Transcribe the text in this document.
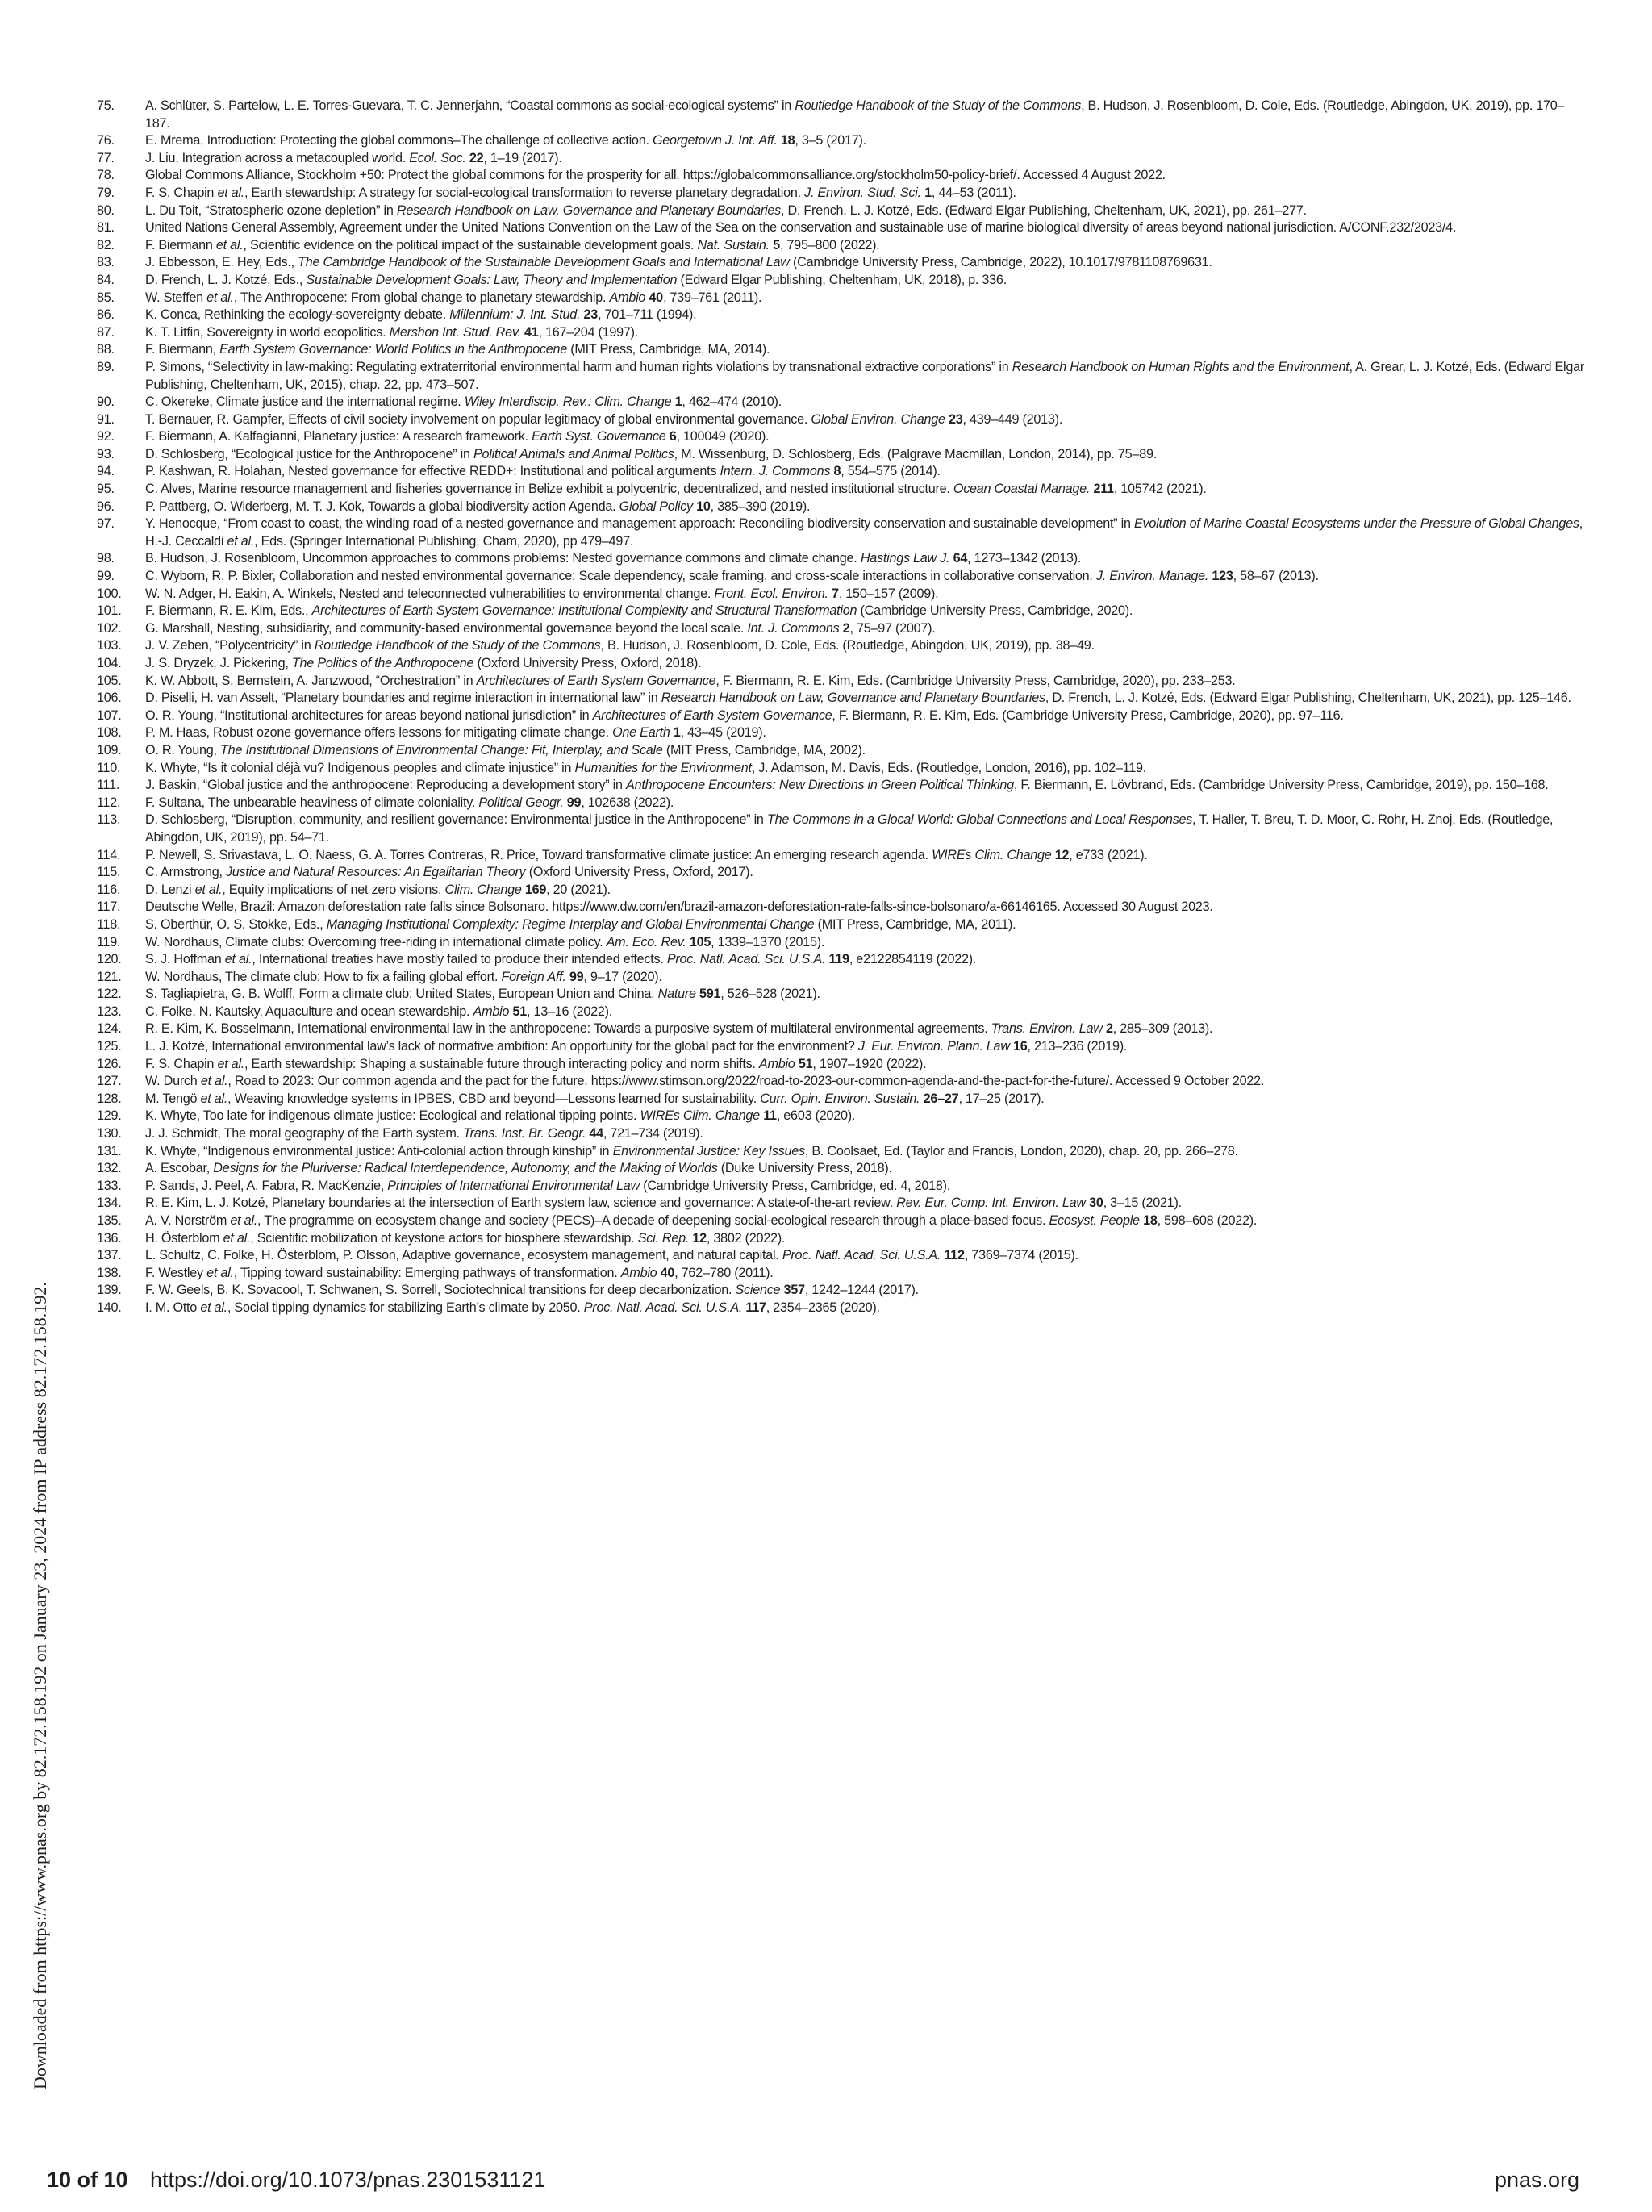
75. A. Schlüter, S. Partelow, L. E. Torres-Guevara, T. C. Jennerjahn, “Coastal commons as social-ecological systems” in Routledge Handbook of the Study of the Commons, B. Hudson, J. Rosenbloom, D. Cole, Eds. (Routledge, Abingdon, UK, 2019), pp. 170–187.
76. E. Mrema, Introduction: Protecting the global commons–The challenge of collective action. Georgetown J. Int. Aff. 18, 3–5 (2017).
77. J. Liu, Integration across a metacoupled world. Ecol. Soc. 22, 1–19 (2017).
78. Global Commons Alliance, Stockholm +50: Protect the global commons for the prosperity for all. https://globalcommonsalliance.org/stockholm50-policy-brief/. Accessed 4 August 2022.
79. F. S. Chapin et al., Earth stewardship: A strategy for social-ecological transformation to reverse planetary degradation. J. Environ. Stud. Sci. 1, 44–53 (2011).
80. L. Du Toit, “Stratospheric ozone depletion” in Research Handbook on Law, Governance and Planetary Boundaries, D. French, L. J. Kotzé, Eds. (Edward Elgar Publishing, Cheltenham, UK, 2021), pp. 261–277.
81. United Nations General Assembly, Agreement under the United Nations Convention on the Law of the Sea on the conservation and sustainable use of marine biological diversity of areas beyond national jurisdiction. A/CONF.232/2023/4.
82. F. Biermann et al., Scientific evidence on the political impact of the sustainable development goals. Nat. Sustain. 5, 795–800 (2022).
83. J. Ebbesson, E. Hey, Eds., The Cambridge Handbook of the Sustainable Development Goals and International Law (Cambridge University Press, Cambridge, 2022), 10.1017/9781108769631.
84. D. French, L. J. Kotzé, Eds., Sustainable Development Goals: Law, Theory and Implementation (Edward Elgar Publishing, Cheltenham, UK, 2018), p. 336.
85. W. Steffen et al., The Anthropocene: From global change to planetary stewardship. Ambio 40, 739–761 (2011).
86. K. Conca, Rethinking the ecology-sovereignty debate. Millennium: J. Int. Stud. 23, 701–711 (1994).
87. K. T. Litfin, Sovereignty in world ecopolitics. Mershon Int. Stud. Rev. 41, 167–204 (1997).
88. F. Biermann, Earth System Governance: World Politics in the Anthropocene (MIT Press, Cambridge, MA, 2014).
89. P. Simons, “Selectivity in law-making: Regulating extraterritorial environmental harm and human rights violations by transnational extractive corporations” in Research Handbook on Human Rights and the Environment, A. Grear, L. J. Kotzé, Eds. (Edward Elgar Publishing, Cheltenham, UK, 2015), chap. 22, pp. 473–507.
90. C. Okereke, Climate justice and the international regime. Wiley Interdiscip. Rev.: Clim. Change 1, 462–474 (2010).
91. T. Bernauer, R. Gampfer, Effects of civil society involvement on popular legitimacy of global environmental governance. Global Environ. Change 23, 439–449 (2013).
92. F. Biermann, A. Kalfagianni, Planetary justice: A research framework. Earth Syst. Governance 6, 100049 (2020).
93. D. Schlosberg, “Ecological justice for the Anthropocene” in Political Animals and Animal Politics, M. Wissenburg, D. Schlosberg, Eds. (Palgrave Macmillan, London, 2014), pp. 75–89.
94. P. Kashwan, R. Holahan, Nested governance for effective REDD+: Institutional and political arguments Intern. J. Commons 8, 554–575 (2014).
95. C. Alves, Marine resource management and fisheries governance in Belize exhibit a polycentric, decentralized, and nested institutional structure. Ocean Coastal Manage. 211, 105742 (2021).
96. P. Pattberg, O. Widerberg, M. T. J. Kok, Towards a global biodiversity action Agenda. Global Policy 10, 385–390 (2019).
97. Y. Henocque, “From coast to coast, the winding road of a nested governance and management approach: Reconciling biodiversity conservation and sustainable development” in Evolution of Marine Coastal Ecosystems under the Pressure of Global Changes, H.-J. Ceccaldi et al., Eds. (Springer International Publishing, Cham, 2020), pp 479–497.
98. B. Hudson, J. Rosenbloom, Uncommon approaches to commons problems: Nested governance commons and climate change. Hastings Law J. 64, 1273–1342 (2013).
99. C. Wyborn, R. P. Bixler, Collaboration and nested environmental governance: Scale dependency, scale framing, and cross-scale interactions in collaborative conservation. J. Environ. Manage. 123, 58–67 (2013).
100. W. N. Adger, H. Eakin, A. Winkels, Nested and teleconnected vulnerabilities to environmental change. Front. Ecol. Environ. 7, 150–157 (2009).
101. F. Biermann, R. E. Kim, Eds., Architectures of Earth System Governance: Institutional Complexity and Structural Transformation (Cambridge University Press, Cambridge, 2020).
102. G. Marshall, Nesting, subsidiarity, and community-based environmental governance beyond the local scale. Int. J. Commons 2, 75–97 (2007).
103. J. V. Zeben, “Polycentricity” in Routledge Handbook of the Study of the Commons, B. Hudson, J. Rosenbloom, D. Cole, Eds. (Routledge, Abingdon, UK, 2019), pp. 38–49.
104. J. S. Dryzek, J. Pickering, The Politics of the Anthropocene (Oxford University Press, Oxford, 2018).
105. K. W. Abbott, S. Bernstein, A. Janzwood, “Orchestration” in Architectures of Earth System Governance, F. Biermann, R. E. Kim, Eds. (Cambridge University Press, Cambridge, 2020), pp. 233–253.
106. D. Piselli, H. van Asselt, “Planetary boundaries and regime interaction in international law” in Research Handbook on Law, Governance and Planetary Boundaries, D. French, L. J. Kotzé, Eds. (Edward Elgar Publishing, Cheltenham, UK, 2021), pp. 125–146.
107. O. R. Young, “Institutional architectures for areas beyond national jurisdiction” in Architectures of Earth System Governance, F. Biermann, R. E. Kim, Eds. (Cambridge University Press, Cambridge, 2020), pp. 97–116.
108. P. M. Haas, Robust ozone governance offers lessons for mitigating climate change. One Earth 1, 43–45 (2019).
109. O. R. Young, The Institutional Dimensions of Environmental Change: Fit, Interplay, and Scale (MIT Press, Cambridge, MA, 2002).
110. K. Whyte, “Is it colonial déjà vu? Indigenous peoples and climate injustice” in Humanities for the Environment, J. Adamson, M. Davis, Eds. (Routledge, London, 2016), pp. 102–119.
111. J. Baskin, “Global justice and the anthropocene: Reproducing a development story” in Anthropocene Encounters: New Directions in Green Political Thinking, F. Biermann, E. Lövbrand, Eds. (Cambridge University Press, Cambridge, 2019), pp. 150–168.
112. F. Sultana, The unbearable heaviness of climate coloniality. Political Geogr. 99, 102638 (2022).
113. D. Schlosberg, “Disruption, community, and resilient governance: Environmental justice in the Anthropocene” in The Commons in a Glocal World: Global Connections and Local Responses, T. Haller, T. Breu, T. D. Moor, C. Rohr, H. Znoj, Eds. (Routledge, Abingdon, UK, 2019), pp. 54–71.
114. P. Newell, S. Srivastava, L. O. Naess, G. A. Torres Contreras, R. Price, Toward transformative climate justice: An emerging research agenda. WIREs Clim. Change 12, e733 (2021).
115. C. Armstrong, Justice and Natural Resources: An Egalitarian Theory (Oxford University Press, Oxford, 2017).
116. D. Lenzi et al., Equity implications of net zero visions. Clim. Change 169, 20 (2021).
117. Deutsche Welle, Brazil: Amazon deforestation rate falls since Bolsonaro. https://www.dw.com/en/brazil-amazon-deforestation-rate-falls-since-bolsonaro/a-66146165. Accessed 30 August 2023.
118. S. Oberthür, O. S. Stokke, Eds., Managing Institutional Complexity: Regime Interplay and Global Environmental Change (MIT Press, Cambridge, MA, 2011).
119. W. Nordhaus, Climate clubs: Overcoming free-riding in international climate policy. Am. Eco. Rev. 105, 1339–1370 (2015).
120. S. J. Hoffman et al., International treaties have mostly failed to produce their intended effects. Proc. Natl. Acad. Sci. U.S.A. 119, e2122854119 (2022).
121. W. Nordhaus, The climate club: How to fix a failing global effort. Foreign Aff. 99, 9–17 (2020).
122. S. Tagliapietra, G. B. Wolff, Form a climate club: United States, European Union and China. Nature 591, 526–528 (2021).
123. C. Folke, N. Kautsky, Aquaculture and ocean stewardship. Ambio 51, 13–16 (2022).
124. R. E. Kim, K. Bosselmann, International environmental law in the anthropocene: Towards a purposive system of multilateral environmental agreements. Trans. Environ. Law 2, 285–309 (2013).
125. L. J. Kotzé, International environmental law’s lack of normative ambition: An opportunity for the global pact for the environment? J. Eur. Environ. Plann. Law 16, 213–236 (2019).
126. F. S. Chapin et al., Earth stewardship: Shaping a sustainable future through interacting policy and norm shifts. Ambio 51, 1907–1920 (2022).
127. W. Durch et al., Road to 2023: Our common agenda and the pact for the future. https://www.stimson.org/2022/road-to-2023-our-common-agenda-and-the-pact-for-the-future/. Accessed 9 October 2022.
128. M. Tengö et al., Weaving knowledge systems in IPBES, CBD and beyond—Lessons learned for sustainability. Curr. Opin. Environ. Sustain. 26–27, 17–25 (2017).
129. K. Whyte, Too late for indigenous climate justice: Ecological and relational tipping points. WIREs Clim. Change 11, e603 (2020).
130. J. J. Schmidt, The moral geography of the Earth system. Trans. Inst. Br. Geogr. 44, 721–734 (2019).
131. K. Whyte, “Indigenous environmental justice: Anti-colonial action through kinship” in Environmental Justice: Key Issues, B. Coolsaet, Ed. (Taylor and Francis, London, 2020), chap. 20, pp. 266–278.
132. A. Escobar, Designs for the Pluriverse: Radical Interdependence, Autonomy, and the Making of Worlds (Duke University Press, 2018).
133. P. Sands, J. Peel, A. Fabra, R. MacKenzie, Principles of International Environmental Law (Cambridge University Press, Cambridge, ed. 4, 2018).
134. R. E. Kim, L. J. Kotzé, Planetary boundaries at the intersection of Earth system law, science and governance: A state-of-the-art review. Rev. Eur. Comp. Int. Environ. Law 30, 3–15 (2021).
135. A. V. Norström et al., The programme on ecosystem change and society (PECS)–A decade of deepening social-ecological research through a place-based focus. Ecosyst. People 18, 598–608 (2022).
136. H. Österblom et al., Scientific mobilization of keystone actors for biosphere stewardship. Sci. Rep. 12, 3802 (2022).
137. L. Schultz, C. Folke, H. Österblom, P. Olsson, Adaptive governance, ecosystem management, and natural capital. Proc. Natl. Acad. Sci. U.S.A. 112, 7369–7374 (2015).
138. F. Westley et al., Tipping toward sustainability: Emerging pathways of transformation. Ambio 40, 762–780 (2011).
139. F. W. Geels, B. K. Sovacool, T. Schwanen, S. Sorrell, Sociotechnical transitions for deep decarbonization. Science 357, 1242–1244 (2017).
140. I. M. Otto et al., Social tipping dynamics for stabilizing Earth’s climate by 2050. Proc. Natl. Acad. Sci. U.S.A. 117, 2354–2365 (2020).
Downloaded from https://www.pnas.org by 82.172.158.192 on January 23, 2024 from IP address 82.172.158.192.
10 of 10 https://doi.org/10.1073/pnas.2301531121	pnas.org
